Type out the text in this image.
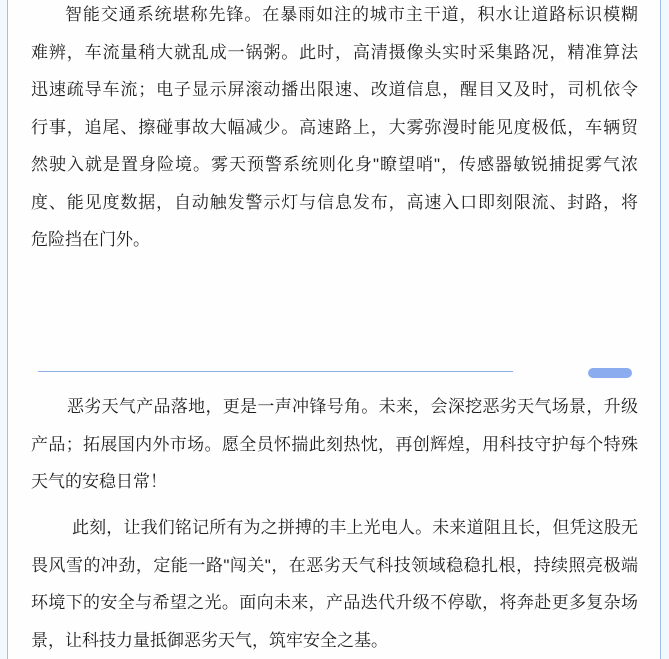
智能交通系统堪称先锋。在暴雨如注的城市主干道，积水让道路标识模糊
难辨，车流量稍大就乱成一锅粥。此时，高清摄像头实时采集路况，精准算法
迅速疏导车流；电子显示屏滚动播出限速、改道信息，醒目又及时，司机依令
行事，追尾、擦碰事故大幅减少。高速路上，大雾弥漫时能见度极低，车辆贸
然驶入就是置身险境。雾天预警系统则化身"瞭望哨"，传感器敏锐捕捉雾气浓
度、能见度数据，自动触发警示灯与信息发布，高速入口即刻限流、封路，将
危险挡在门外。
恶劣天气产品落地，更是一声冲锋号角。未来，会深挖恶劣天气场景，升级
产品；拓展国内外市场。愿全员怀揣此刻热忱，再创辉煌，用科技守护每个特殊
天气的安稳日常！
此刻，让我们铭记所有为之拼搏的丰上光电人。未来道阻且长，但凭这股无
畏风雪的冲劲，定能一路"闯关"，在恶劣天气科技领域稳稳扎根，持续照亮极端
环境下的安全与希望之光。面向未来，产品迭代升级不停歇，将奔赴更多复杂场
景，让科技力量抵御恶劣天气，筑牢安全之基。
